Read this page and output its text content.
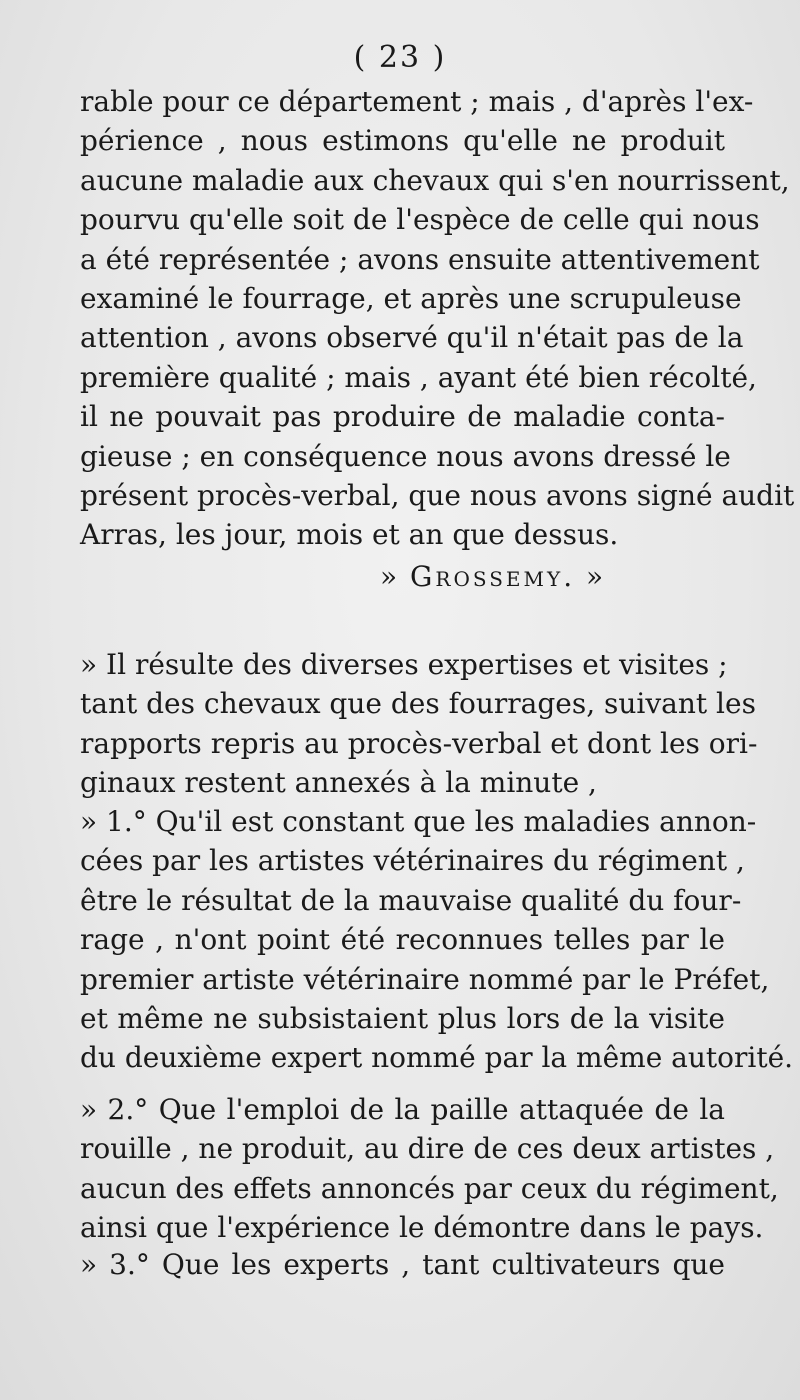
( 23 )
rable pour ce département ; mais , d'après l'ex-
périence , nous estimons qu'elle ne produit
aucune maladie aux chevaux qui s'en nourrissent,
pourvu qu'elle soit de l'espèce de celle qui nous
a été représentée ; avons ensuite attentivement
examiné le fourrage, et après une scrupuleuse
attention , avons observé qu'il n'était pas de la
première qualité ; mais , ayant été bien récolté,
il ne pouvait pas produire de maladie conta-
gieuse ; en conséquence nous avons dressé le
présent procès-verbal, que nous avons signé audit
Arras, les jour, mois et an que dessus.
» Grossemy. »
» Il résulte des diverses expertises et visites ;
tant des chevaux que des fourrages, suivant les
rapports repris au procès-verbal et dont les ori-
ginaux restent annexés à la minute ,
» 1.° Qu'il est constant que les maladies annon-
cées par les artistes vétérinaires du régiment ,
être le résultat de la mauvaise qualité du four-
rage , n'ont point été reconnues telles par le
premier artiste vétérinaire nommé par le Préfet,
et même ne subsistaient plus lors de la visite
du deuxième expert nommé par la même autorité.
» 2.° Que l'emploi de la paille attaquée de la
rouille , ne produit, au dire de ces deux artistes ,
aucun des effets annoncés par ceux du régiment,
ainsi que l'expérience le démontre dans le pays.
» 3.° Que les experts , tant cultivateurs que
